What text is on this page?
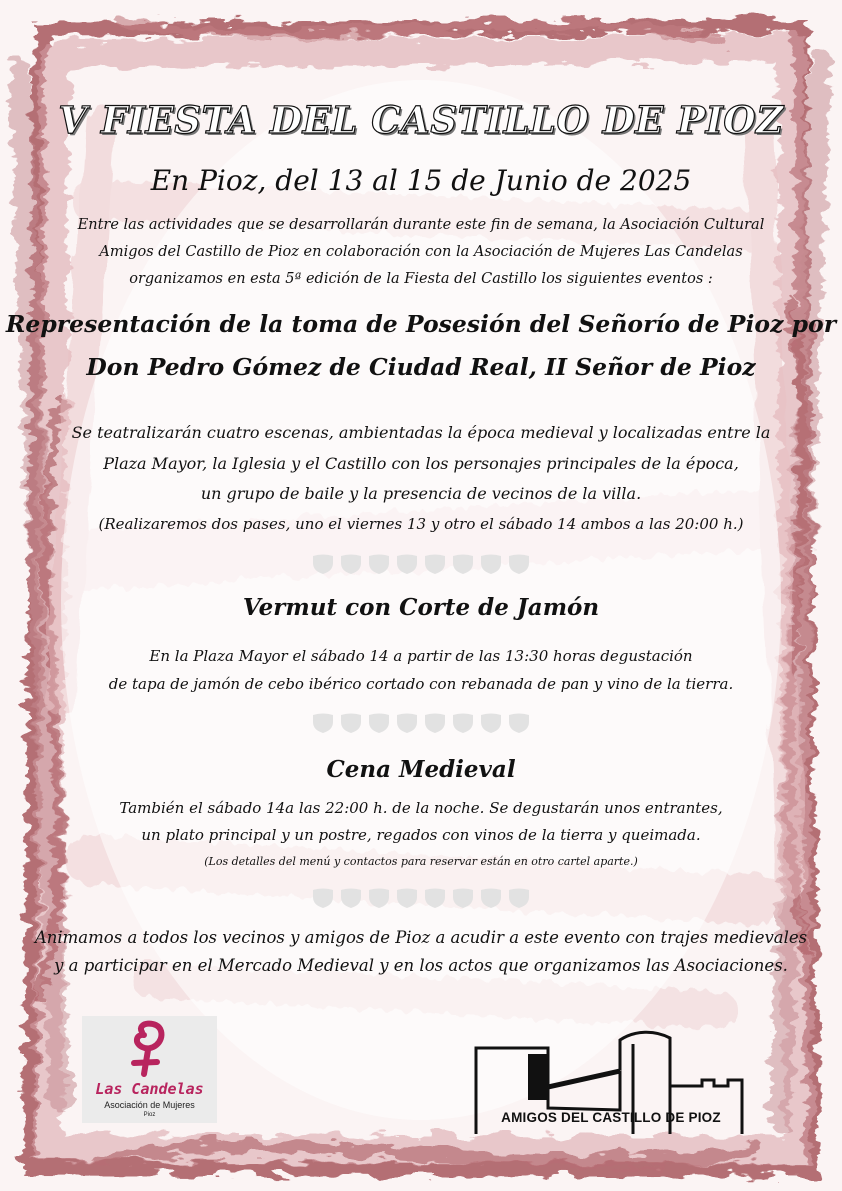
V FIESTA DEL CASTILLO DE PIOZ
En Pioz, del 13 al 15 de Junio de 2025
Entre las actividades que se desarrollarán durante este fin de semana, la Asociación Cultural
Amigos del Castillo de Pioz en colaboración con la Asociación de Mujeres Las Candelas
organizamos en esta 5ª edición de la Fiesta del Castillo los siguientes eventos :
Representación de la toma de Posesión del Señorío de Pioz por
Don Pedro Gómez de Ciudad Real, II Señor de Pioz
Se teatralizarán cuatro escenas, ambientadas la época medieval y localizadas entre la
Plaza Mayor, la Iglesia y el Castillo con los personajes principales de la época,
un grupo de baile y la presencia de vecinos de la villa.
(Realizaremos dos pases, uno el viernes 13 y otro el sábado 14 ambos a las 20:00 h.)
Vermut con Corte de Jamón
En la Plaza Mayor el sábado 14 a partir de las 13:30 horas degustación
de tapa de jamón de cebo ibérico cortado con rebanada de pan y vino de la tierra.
Cena Medieval
También el sábado 14a las 22:00 h. de la noche. Se degustarán unos entrantes,
un plato principal y un postre, regados con vinos de la tierra y queimada.
(Los detalles del menú y contactos para reservar están en otro cartel aparte.)
Animamos a todos los vecinos y amigos de Pioz a acudir a este evento con trajes medievales
y a participar en el Mercado Medieval y en los actos que organizamos las Asociaciones.
Las Candelas
Asociación de Mujeres
Pioz	AMIGOS DEL CASTILLO DE PIOZ
